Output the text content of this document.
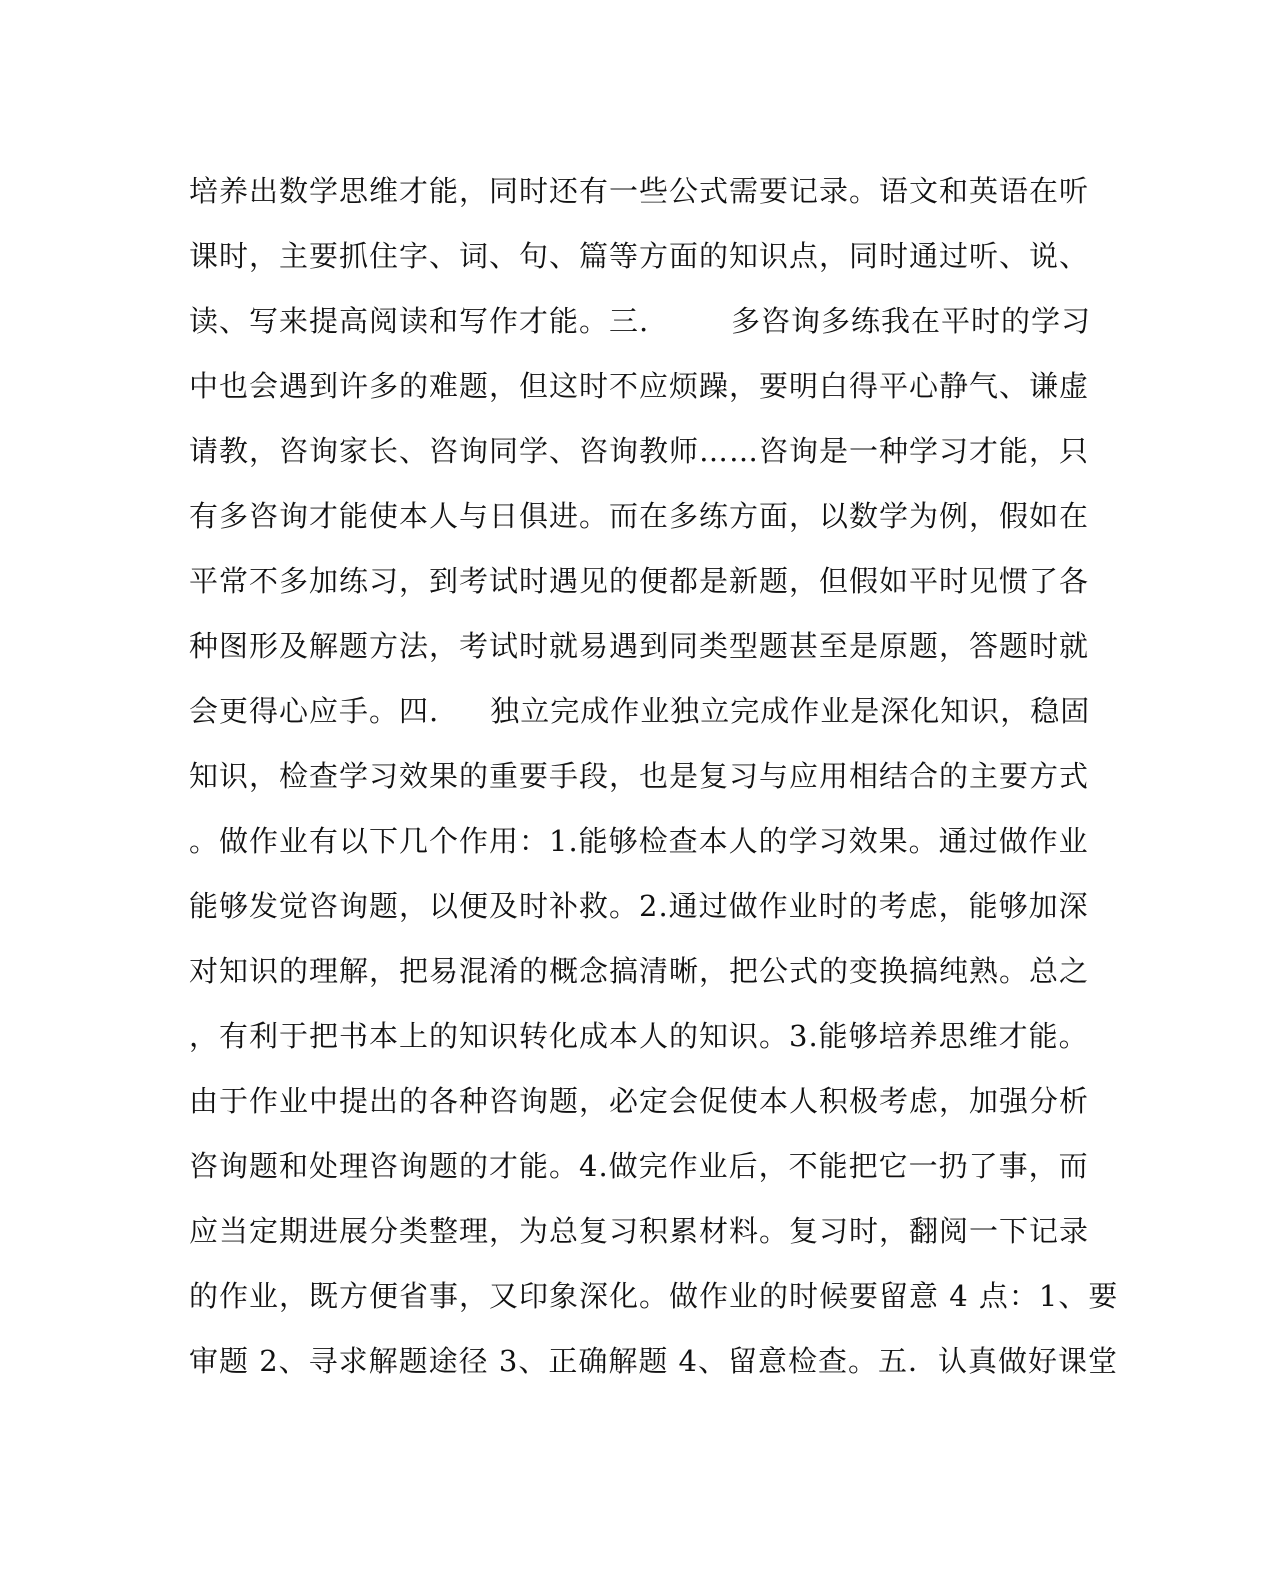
培养出数学思维才能，同时还有一些公式需要记录。语文和英语在听
课时，主要抓住字、词、句、篇等方面的知识点，同时通过听、说、
读、写来提高阅读和写作才能。三.        多咨询多练我在平时的学习
中也会遇到许多的难题，但这时不应烦躁，要明白得平心静气、谦虚
请教，咨询家长、咨询同学、咨询教师……咨询是一种学习才能，只
有多咨询才能使本人与日俱进。而在多练方面，以数学为例，假如在
平常不多加练习，到考试时遇见的便都是新题，但假如平时见惯了各
种图形及解题方法，考试时就易遇到同类型题甚至是原题，答题时就
会更得心应手。四.     独立完成作业独立完成作业是深化知识，稳固
知识，检查学习效果的重要手段，也是复习与应用相结合的主要方式
。做作业有以下几个作用：1.能够检查本人的学习效果。通过做作业
能够发觉咨询题，以便及时补救。2.通过做作业时的考虑，能够加深
对知识的理解，把易混淆的概念搞清晰，把公式的变换搞纯熟。总之
，有利于把书本上的知识转化成本人的知识。3.能够培养思维才能。
由于作业中提出的各种咨询题，必定会促使本人积极考虑，加强分析
咨询题和处理咨询题的才能。4.做完作业后，不能把它一扔了事，而
应当定期进展分类整理，为总复习积累材料。复习时，翻阅一下记录
的作业，既方便省事，又印象深化。做作业的时候要留意 4 点：1、要
审题 2、寻求解题途径 3、正确解题 4、留意检查。五．认真做好课堂
